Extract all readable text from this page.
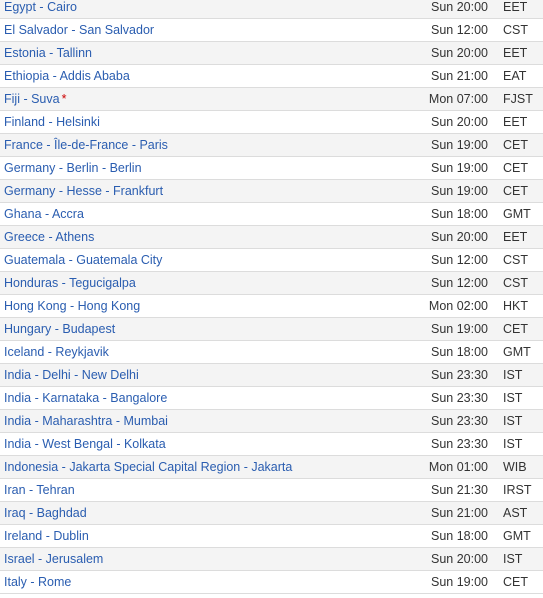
Egypt - Cairo	Sun 20:00	EET
El Salvador - San Salvador	Sun 12:00	CST
Estonia - Tallinn	Sun 20:00	EET
Ethiopia - Addis Ababa	Sun 21:00	EAT
Fiji - Suva *	Mon 07:00	FJST
Finland - Helsinki	Sun 20:00	EET
France - Île-de-France - Paris	Sun 19:00	CET
Germany - Berlin - Berlin	Sun 19:00	CET
Germany - Hesse - Frankfurt	Sun 19:00	CET
Ghana - Accra	Sun 18:00	GMT
Greece - Athens	Sun 20:00	EET
Guatemala - Guatemala City	Sun 12:00	CST
Honduras - Tegucigalpa	Sun 12:00	CST
Hong Kong - Hong Kong	Mon 02:00	HKT
Hungary - Budapest	Sun 19:00	CET
Iceland - Reykjavik	Sun 18:00	GMT
India - Delhi - New Delhi	Sun 23:30	IST
India - Karnataka - Bangalore	Sun 23:30	IST
India - Maharashtra - Mumbai	Sun 23:30	IST
India - West Bengal - Kolkata	Sun 23:30	IST
Indonesia - Jakarta Special Capital Region - Jakarta	Mon 01:00	WIB
Iran - Tehran	Sun 21:30	IRST
Iraq - Baghdad	Sun 21:00	AST
Ireland - Dublin	Sun 18:00	GMT
Israel - Jerusalem	Sun 20:00	IST
Italy - Rome	Sun 19:00	CET
